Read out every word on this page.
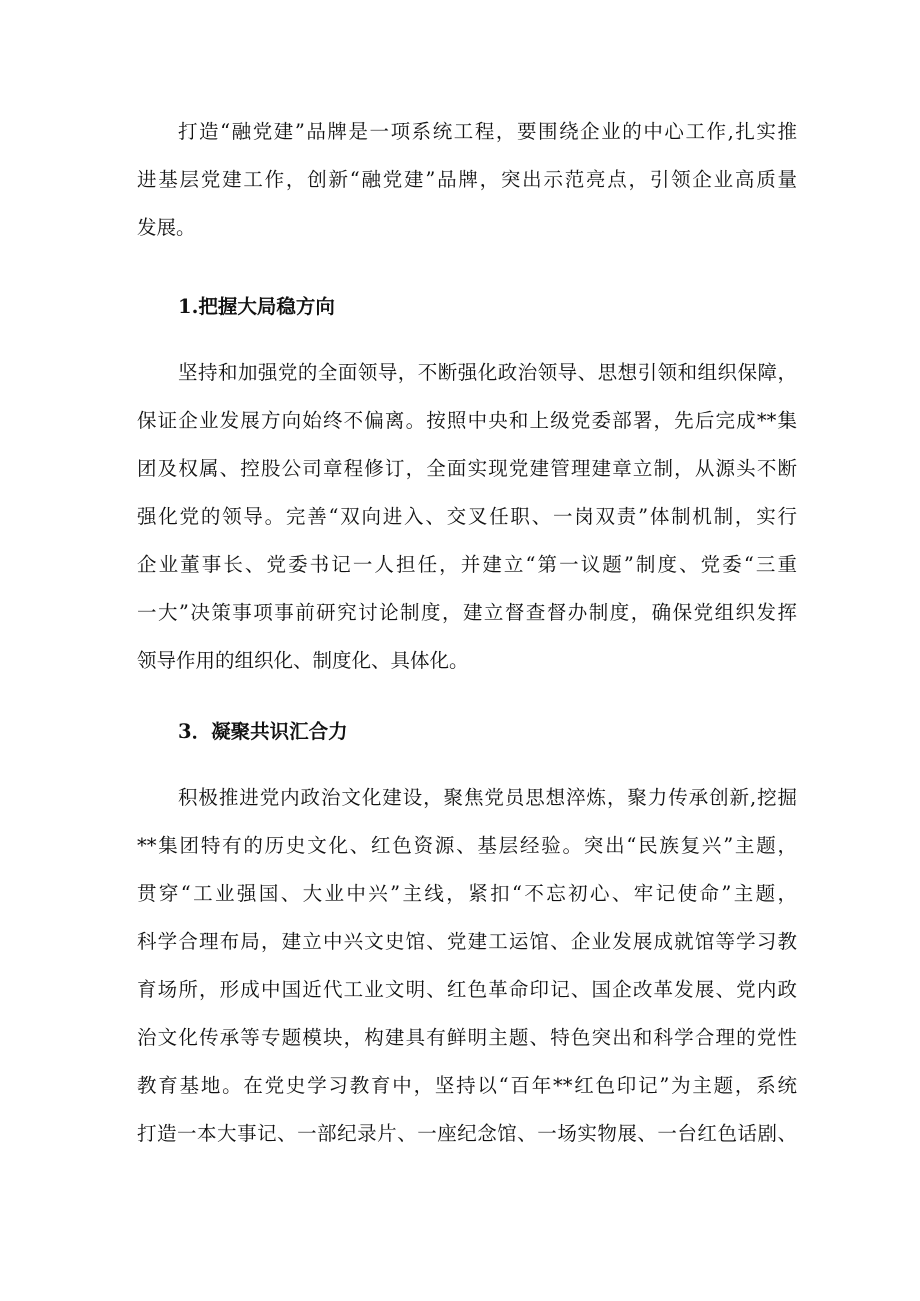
打造“融党建”品牌是一项系统工程，要围绕企业的中心工作,扎实推
进基层党建工作，创新“融党建”品牌，突出示范亮点，引领企业高质量
发展。
1.把握大局稳方向
坚持和加强党的全面领导，不断强化政治领导、思想引领和组织保障，
保证企业发展方向始终不偏离。按照中央和上级党委部署，先后完成**集
团及权属、控股公司章程修订，全面实现党建管理建章立制，从源头不断
强化党的领导。完善“双向进入、交叉任职、一岗双责”体制机制，实行
企业董事长、党委书记一人担任，并建立“第一议题”制度、党委“三重
一大”决策事项事前研究讨论制度，建立督查督办制度，确保党组织发挥
领导作用的组织化、制度化、具体化。
3．凝聚共识汇合力
积极推进党内政治文化建设，聚焦党员思想淬炼，聚力传承创新,挖掘
**集团特有的历史文化、红色资源、基层经验。突出“民族复兴”主题，
贯穿“工业强国、大业中兴”主线，紧扣“不忘初心、牢记使命”主题，
科学合理布局，建立中兴文史馆、党建工运馆、企业发展成就馆等学习教
育场所，形成中国近代工业文明、红色革命印记、国企改革发展、党内政
治文化传承等专题模块，构建具有鲜明主题、特色突出和科学合理的党性
教育基地。在党史学习教育中，坚持以“百年**红色印记”为主题，系统
打造一本大事记、一部纪录片、一座纪念馆、一场实物展、一台红色话剧、
